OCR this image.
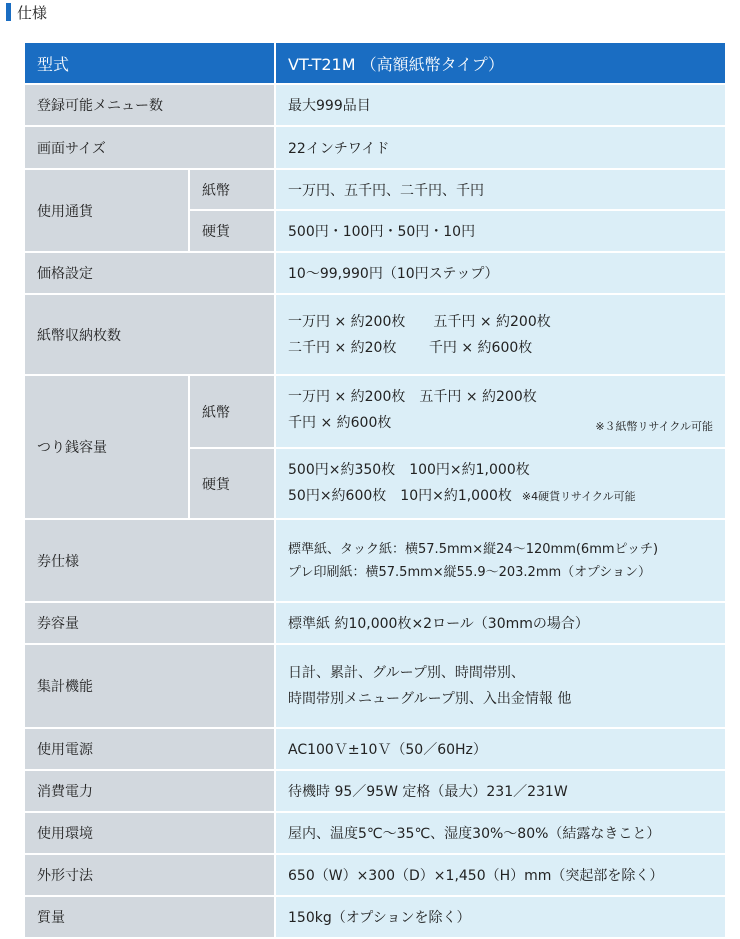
仕様
型式		VT-T21M （高額紙幣タイプ）
登録可能メニュー数		最大999品目
画面サイズ		22インチワイド
使用通貨	紙幣	一万円、五千円、二千円、千円
	硬貨	500円・100円・50円・10円
価格設定		10〜99,990円（10円ステップ）
紙幣収納枚数		一万円 × 約200枚　　五千円 × 約200枚
二千円 × 約20枚　　 千円 × 約600枚

つり銭容量	紙幣	一万円 × 約200枚　五千円 × 約200枚
千円 × 約600枚 ※３紙幣リサイクル可能

	硬貨	500円×約350枚　100円×約1,000枚
50円×約600枚　10円×約1,000枚 ※4硬貨リサイクル可能

券仕様		標準紙、タック紙：横57.5mm×縦24〜120mm(6mmピッチ)
プレ印刷紙：横57.5mm×縦55.9〜203.2mm（オプション）

券容量		標準紙 約10,000枚×2ロール（30mmの場合）
集計機能		日計、累計、グループ別、時間帯別、
時間帯別メニューグループ別、入出金情報 他

使用電源		AC100Ｖ±10Ｖ（50／60Hz）
消費電力		待機時 95／95W 定格（最大）231／231W
使用環境		屋内、温度5℃〜35℃、湿度30%〜80%（結露なきこと）
外形寸法		650（W）×300（D）×1,450（H）mm（突起部を除く）
質量		150kg（オプションを除く）
